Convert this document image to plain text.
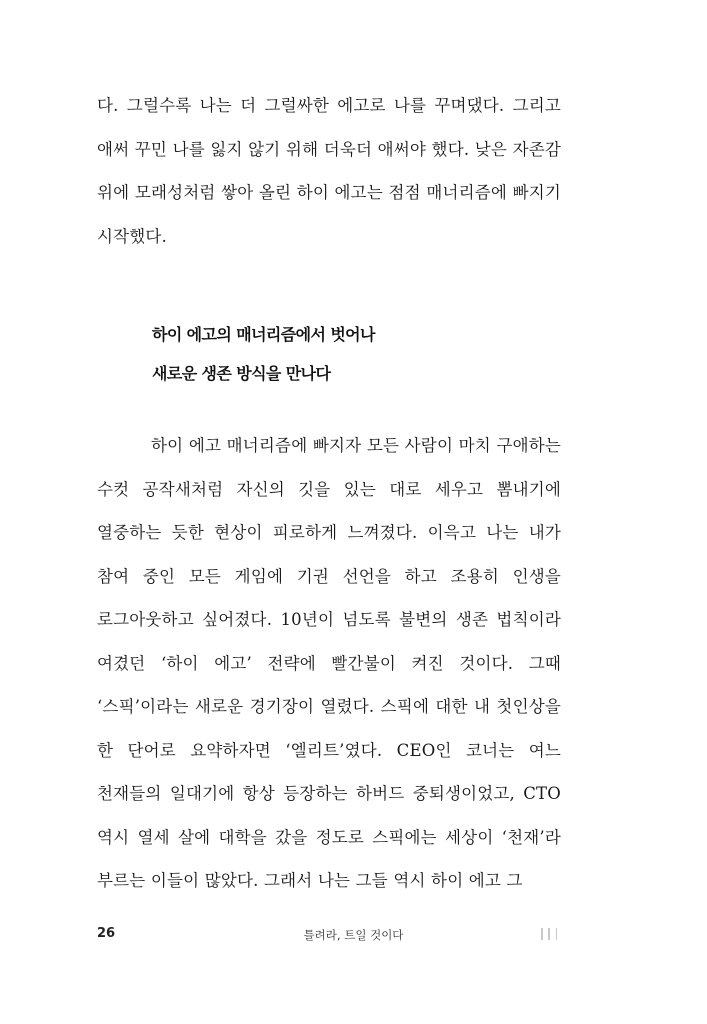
다. 그럴수록 나는 더 그럴싸한 에고로 나를 꾸며댔다. 그리고 애써 꾸민 나를 잃지 않기 위해 더욱더 애써야 했다. 낮은 자존감 위에 모래성처럼 쌓아 올린 하이 에고는 점점 매너리즘에 빠지기 시작했다.

하이 에고의 매너리즘에서 벗어나
새로운 생존 방식을 만나다

하이 에고 매너리즘에 빠지자 모든 사람이 마치 구애하는 수컷 공작새처럼 자신의 깃을 있는 대로 세우고 뽐내기에 열중하는 듯한 현상이 피로하게 느껴졌다. 이윽고 나는 내가 참여 중인 모든 게임에 기권 선언을 하고 조용히 인생을 로그아웃하고 싶어졌다. 10년이 넘도록 불변의 생존 법칙이라 여겼던 ‘하이 에고’ 전략에 빨간불이 켜진 것이다. 그때 ‘스픽’이라는 새로운 경기장이 열렸다. 스픽에 대한 내 첫인상을 한 단어로 요약하자면 ‘엘리트’였다. CEO인 코너는 여느 천재들의 일대기에 항상 등장하는 하버드 중퇴생이었고, CTO 역시 열세 살에 대학을 갔을 정도로 스픽에는 세상이 ‘천재’라 부르는 이들이 많았다. 그래서 나는 그들 역시 하이 에고 그

26	틀려라, 트일 것이다
